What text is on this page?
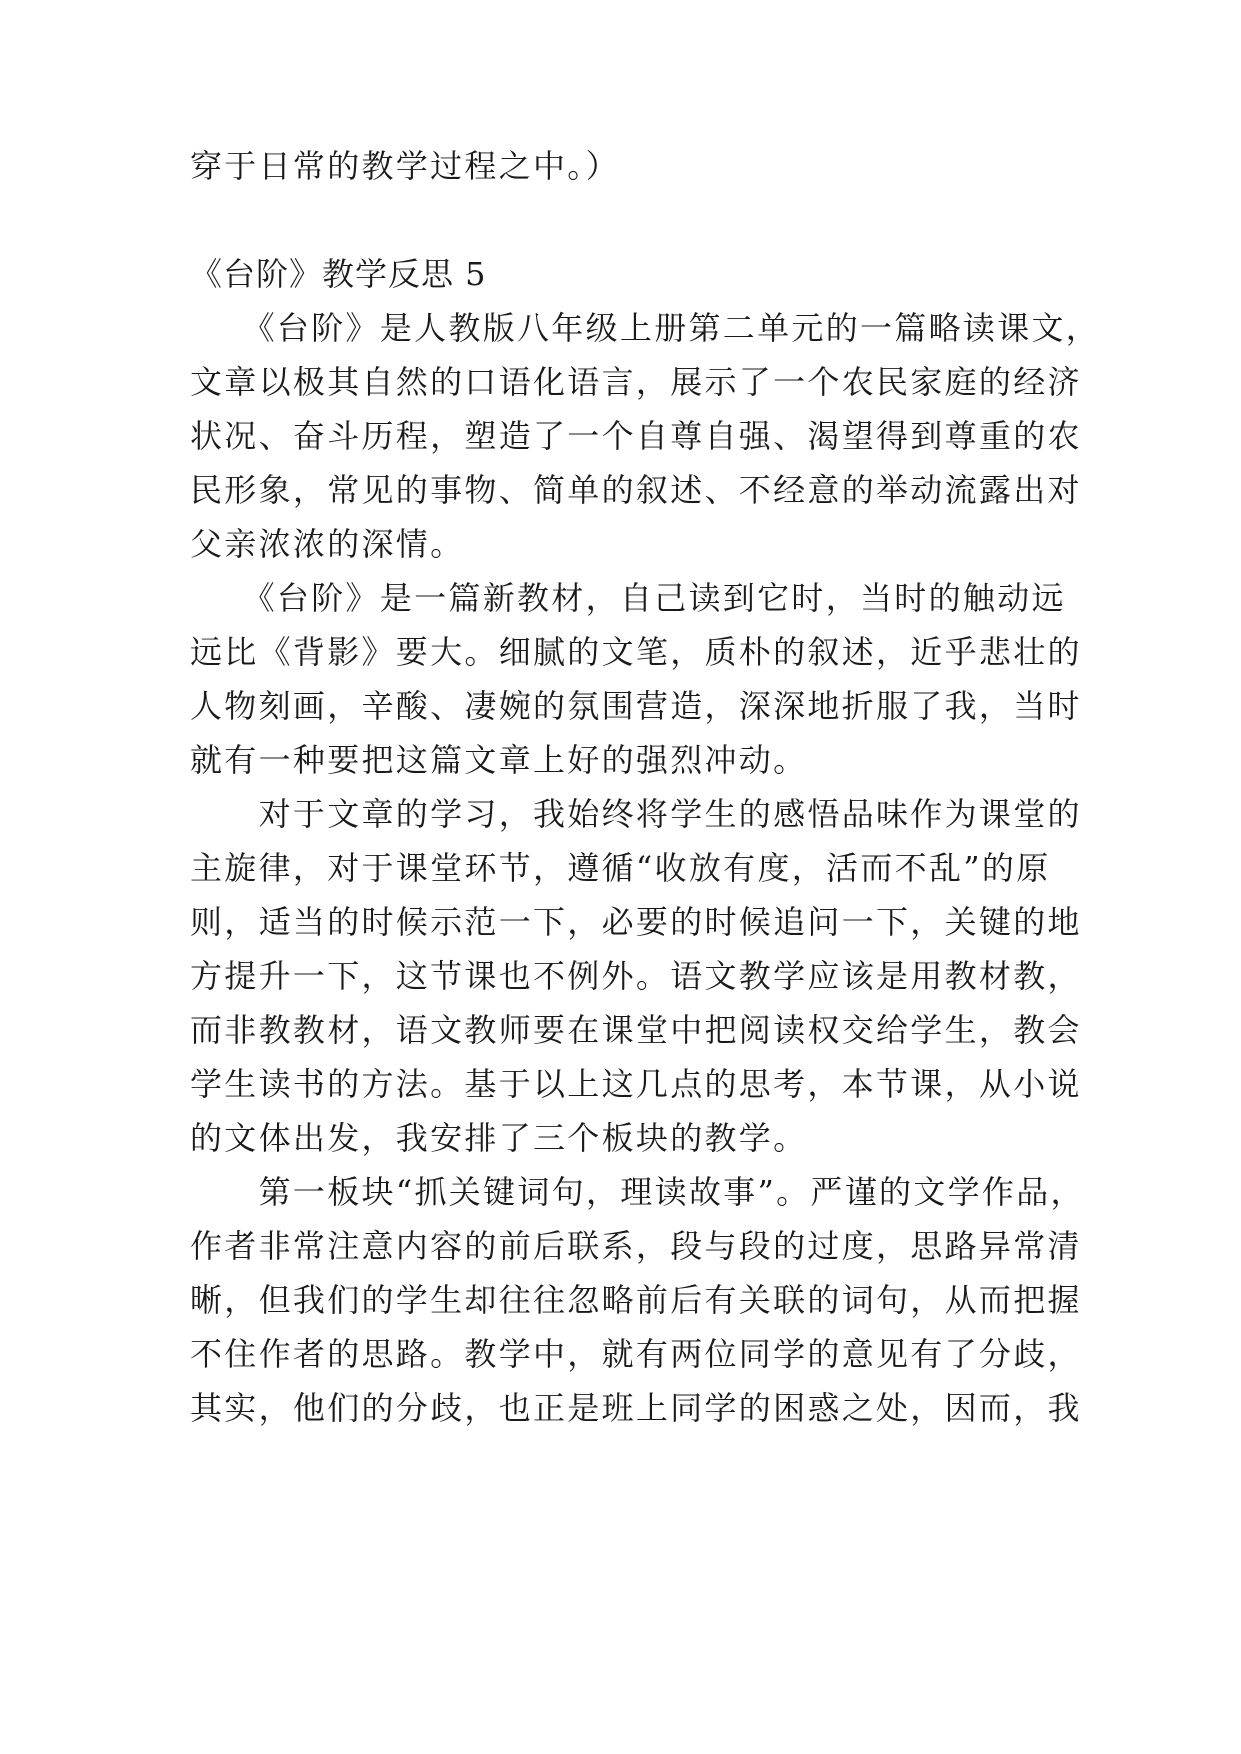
穿于日常的教学过程之中。）
《台阶》教学反思 5
　　《台阶》是人教版八年级上册第二单元的一篇略读课文，
文章以极其自然的口语化语言，展示了一个农民家庭的经济
状况、奋斗历程，塑造了一个自尊自强、渴望得到尊重的农
民形象，常见的事物、简单的叙述、不经意的举动流露出对
父亲浓浓的深情。
　　《台阶》是一篇新教材，自己读到它时，当时的触动远
远比《背影》要大。细腻的文笔，质朴的叙述，近乎悲壮的
人物刻画，辛酸、凄婉的氛围营造，深深地折服了我，当时
就有一种要把这篇文章上好的强烈冲动。
　　对于文章的学习，我始终将学生的感悟品味作为课堂的
主旋律，对于课堂环节，遵循“收放有度，活而不乱”的原
则，适当的时候示范一下，必要的时候追问一下，关键的地
方提升一下，这节课也不例外。语文教学应该是用教材教，
而非教教材，语文教师要在课堂中把阅读权交给学生，教会
学生读书的方法。基于以上这几点的思考，本节课，从小说
的文体出发，我安排了三个板块的教学。
　　第一板块“抓关键词句，理读故事”。严谨的文学作品，
作者非常注意内容的前后联系，段与段的过度，思路异常清
晰，但我们的学生却往往忽略前后有关联的词句，从而把握
不住作者的思路。教学中，就有两位同学的意见有了分歧，
其实，他们的分歧，也正是班上同学的困惑之处，因而，我
